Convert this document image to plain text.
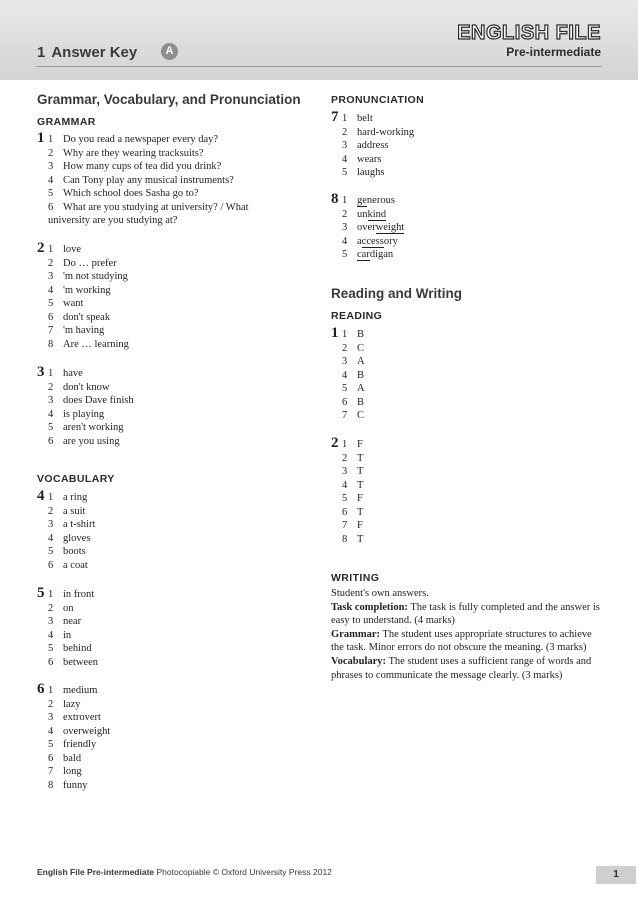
1 Answer Key	A
ENGLISH FILE
Pre-intermediate
Grammar, Vocabulary, and Pronunciation
GRAMMAR
1 1 Do you read a newspaper every day?
2 Why are they wearing tracksuits?
3 How many cups of tea did you drink?
4 Can Tony play any musical instruments?
5 Which school does Sasha go to?
6 What are you studying at university? / What
university are you studying at?
2 1 love
2 Do … prefer
3 'm not studying
4 'm working
5 want
6 don't speak
7 'm having
8 Are … learning
3 1 have
2 don't know
3 does Dave finish
4 is playing
5 aren't working
6 are you using
4 1 a ring
2 a suit
3 a t-shirt
4 gloves
5 boots
6 a coat
5 1 in front
2 on
3 near
4 in
5 behind
6 between
6 1 medium
2 lazy
3 extrovert
4 overweight
5 friendly
6 bald
7 long
8 funny
VOCABULARY
PRONUNCIATION
Reading and Writing
READING
WRITING
7 1 belt
2 hard-working
3 address
4 wears
5 laughs
8 1 generous
2 unkind
3 overweight
4 accessory
5 cardigan
1 1 B
2 C
3 A
4 B
5 A
6 B
7 C
2 1 F
2 T
3 T
4 T
5 F
6 T
7 F
8 T
Student's own answers.
Task completion: The task is fully completed and the answer is easy to understand. (4 marks)
Grammar: The student uses appropriate structures to achieve the task. Minor errors do not obscure the meaning. (3 marks)
Vocabulary: The student uses a sufficient range of words and phrases to communicate the message clearly. (3 marks)
English File Pre-intermediate Photocopiable © Oxford University Press 2012	1
